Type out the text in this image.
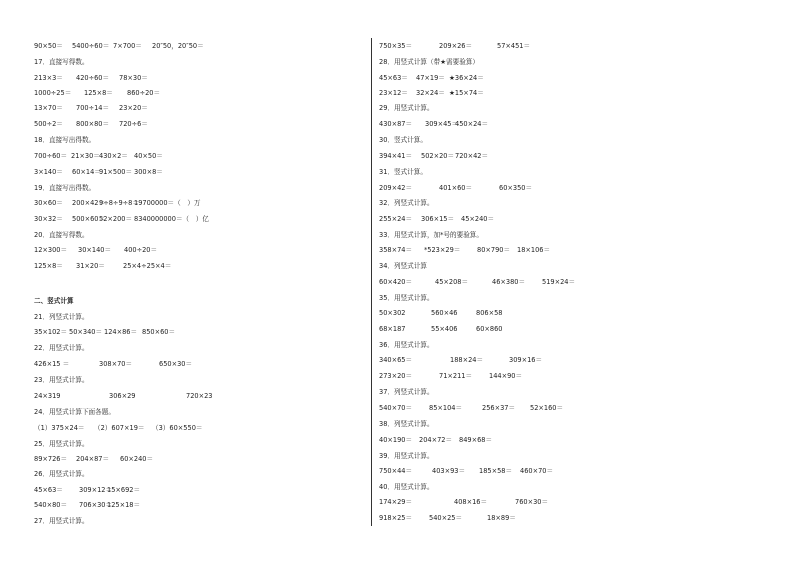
90×50＝ 5400÷60＝ 7×700＝ 20″50，20″50＝
17．直接写得数。
213×3＝ 420÷60＝ 78×30＝
1000÷25＝ 125×8＝ 860÷20＝
13×70＝ 700÷14＝ 23×20＝
500÷2＝ 800×80＝ 720÷6＝
18．直接写出得数。
700÷60＝ 21×30＝ 430×2＝ 40×50＝
3×140＝ 60×14＝
91×500＝ 300×8＝
19．直接写出得数。
30×60＝ 200×42＝
9÷8÷9÷8＝
19700000＝（　）万
30×32＝ 500×60＝
52×200＝ 8340000000＝（　）亿
20．直接写得数。
12×300＝ 30×140＝ 400÷20＝
125×8＝ 31×20＝	25×4÷25×4＝
二、竖式计算
21．列竖式计算。
35×102＝ 50×340＝ 124×86＝ 850×60＝
22．用竖式计算。
426×15 ＝	308×70＝	650×30＝
23．用竖式计算。
24×319	306×29	720×23
24．用竖式计算下面各题。
（1）375×24＝ （2）607×19＝ （3）60×550＝
25．用竖式计算。
89×726＝ 204×87＝ 60×240＝
26．用竖式计算。
45×63＝ 309×12＝
15×692＝
540×80＝ 706×30＝
125×18＝
27．用竖式计算。
750×35＝	209×26＝	57×451＝
28．用竖式计算（带★需要验算）
45×63＝ 47×19＝ ★36×24＝
23×12＝ 32×24＝ ★15×74＝
29．用竖式计算。
430×87＝ 309×45＝
450×24＝
30．竖式计算。
394×41＝ 502×20＝ 720×42＝
31．竖式计算。
209×42＝	401×60＝	60×350＝
32．列竖式计算。
255×24＝ 306×15＝ 45×240＝
33．用竖式计算，加*号的要验算。
358×74＝ *523×29＝	80×790＝ 18×106＝
34．列竖式计算
60×420＝	45×208＝	46×380＝	519×24＝
35．用竖式计算。
50×302	560×46	806×58
68×187	55×406	60×860
36．用竖式计算。
340×65＝	188×24＝	309×16＝
273×20＝	71×211＝	144×90＝
37．列竖式计算。
540×70＝	85×104＝	256×37＝ 52×160＝
38．列竖式计算。
40×190＝ 204×72＝ 849×68＝
39．用竖式计算。
750×44＝	403×93＝ 185×58＝ 460×70＝
40．用竖式计算。
174×29＝	408×16＝	760×30＝
918×25＝	540×25＝	18×89＝
